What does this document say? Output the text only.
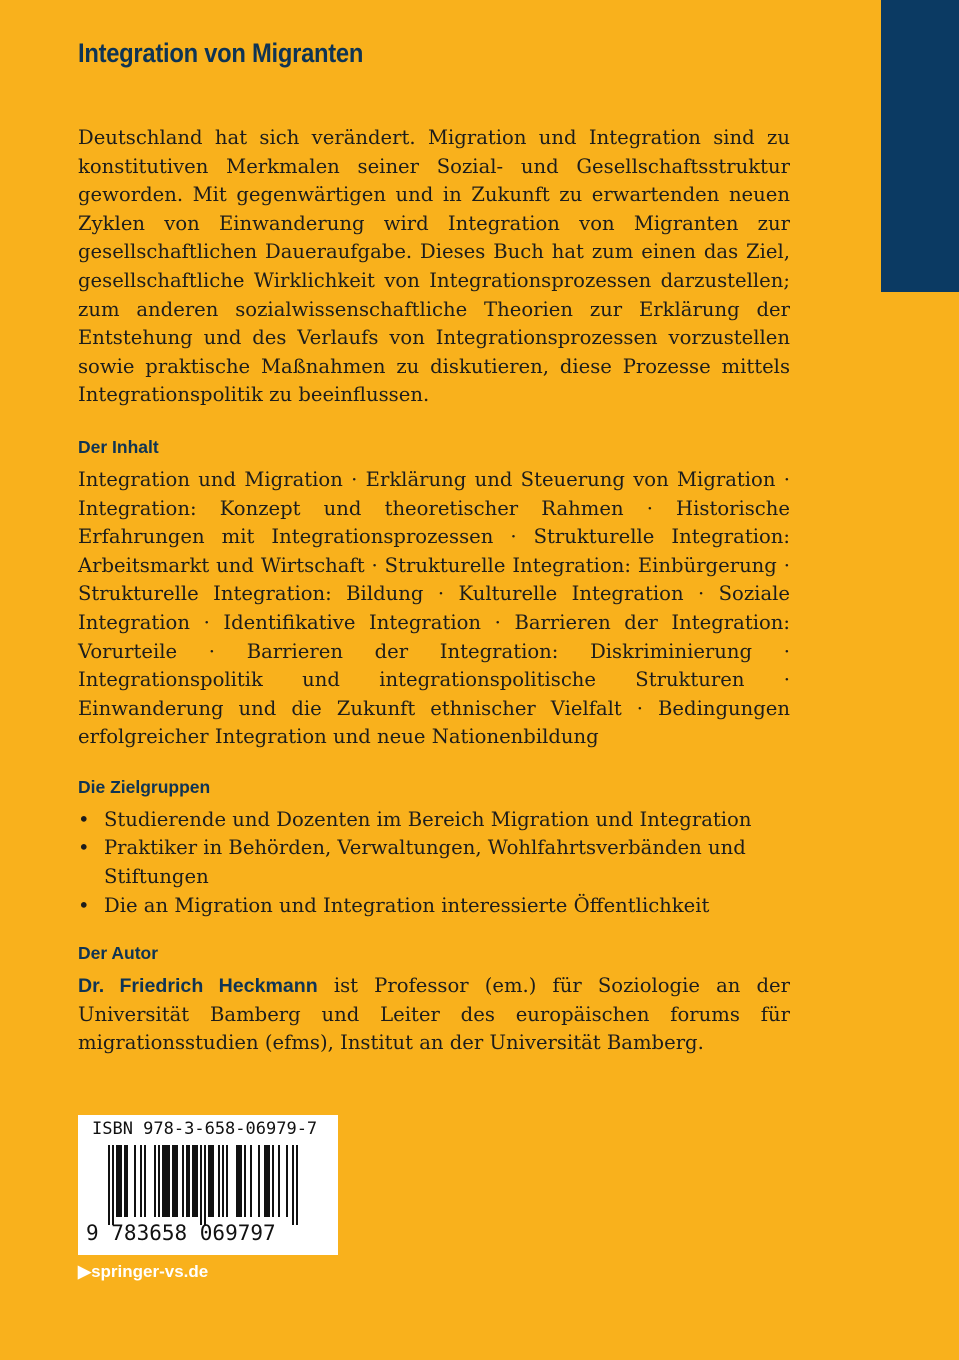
Integration von Migranten

Deutschland hat sich verändert. Migration und Integration sind zu konstitutiven Merkmalen seiner Sozial- und Gesellschaftsstruktur geworden. Mit gegenwärtigen und in Zukunft zu erwartenden neuen Zyklen von Einwanderung wird Integration von Migranten zur gesellschaftlichen Daueraufgabe. Dieses Buch hat zum einen das Ziel, gesellschaftliche Wirklichkeit von Integrationsprozessen darzustellen; zum anderen sozialwissenschaftliche Theorien zur Erklärung der Entstehung und des Verlaufs von Integrationsprozessen vorzustellen sowie praktische Maßnahmen zu diskutieren, diese Prozesse mittels Integrationspolitik zu beeinflussen.

Der Inhalt

Integration und Migration · Erklärung und Steuerung von Migration · Integration: Konzept und theoretischer Rahmen · Historische Erfahrungen mit Integrationsprozessen · Strukturelle Integration: Arbeitsmarkt und Wirtschaft · Strukturelle Integration: Einbürgerung · Strukturelle Integration: Bildung · Kulturelle Integration · Soziale Integration · Identifikative Integration · Barrieren der Integration: Vorurteile · Barrieren der Integration: Diskriminierung · Integrationspolitik und integrationspolitische Strukturen · Einwanderung und die Zukunft ethnischer Vielfalt · Bedingungen erfolgreicher Integration und neue Nationenbildung

Die Zielgruppen
• Studierende und Dozenten im Bereich Migration und Integration
• Praktiker in Behörden, Verwaltungen, Wohlfahrtsverbänden und Stiftungen
• Die an Migration und Integration interessierte Öffentlichkeit
Der Autor

Dr. Friedrich Heckmann ist Professor (em.) für Soziologie an der Universität Bamberg und Leiter des europäischen forums für migrationsstudien (efms), Institut an der Universität Bamberg.

ISBN 978-3-658-06979-7
9 783658 069797
▶springer-vs.de
